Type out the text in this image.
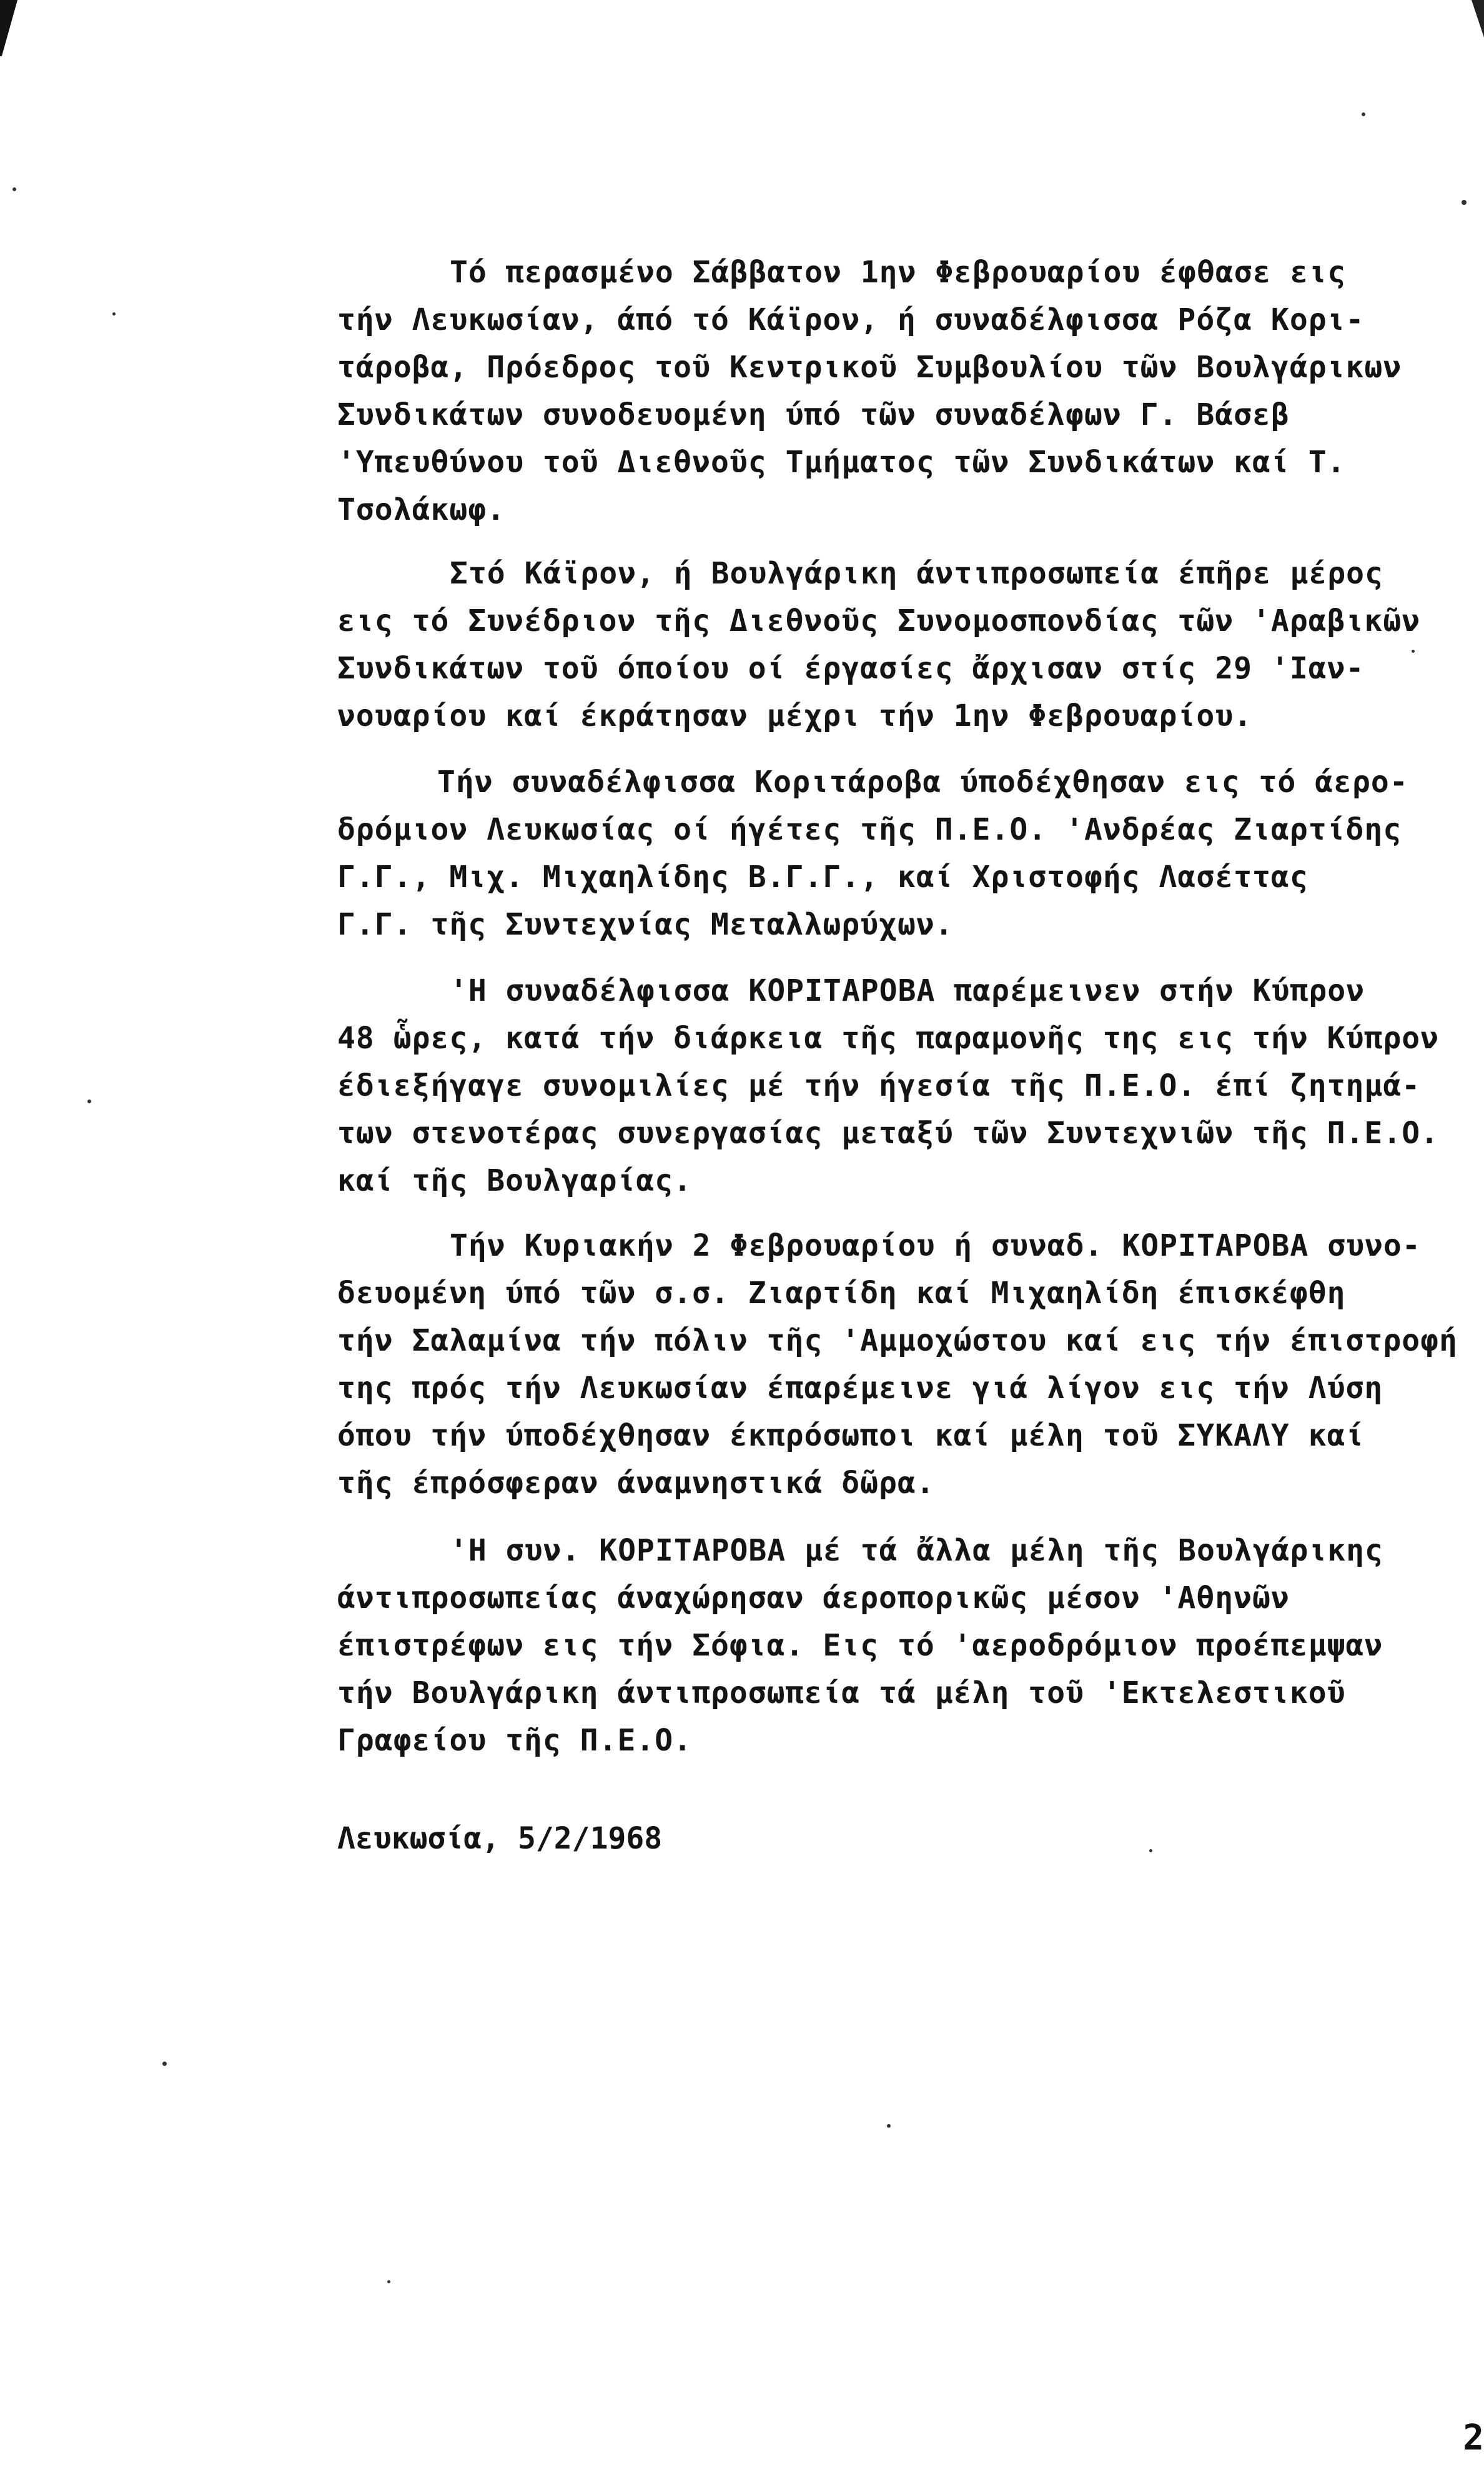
Τό περασμένο Σάββατον 1ην Φεβρουαρίου έφθασε εις

τήν Λευκωσίαν, άπό τό Κάϊρον, ή συναδέλφισσα Ρόζα Κορι-

τάροβα, Πρόεδρος τοῦ Κεντρικοῦ Συμβουλίου τῶν Βουλγάρικων

Συνδικάτων συνοδευομένη ύπό τῶν συναδέλφων Γ. Βάσεβ

'Υπευθύνου τοῦ Διεθνοῦς Τμήματος τῶν Συνδικάτων καί Τ.

Τσολάκωφ.

Στό Κάϊρον, ή Βουλγάρικη άντιπροσωπεία έπῆρε μέρος

εις τό Συνέδριον τῆς Διεθνοῦς Συνομοσπονδίας τῶν 'Αραβικῶν

Συνδικάτων τοῦ όποίου οί έργασίες ἄρχισαν στίς 29 'Ιαν-

νουαρίου καί έκράτησαν μέχρι τήν 1ην Φεβρουαρίου.

Τήν συναδέλφισσα Κοριτάροβα ύποδέχθησαν εις τό άερο-

δρόμιον Λευκωσίας οί ήγέτες τῆς Π.Ε.Ο. 'Ανδρέας Ζιαρτίδης

Γ.Γ., Μιχ. Μιχαηλίδης Β.Γ.Γ., καί Χριστοφής Λασέττας

Γ.Γ. τῆς Συντεχνίας Μεταλλωρύχων.

'Η συναδέλφισσα ΚΟΡΙΤΑΡΟΒΑ παρέμεινεν στήν Κύπρον

48 ὧρες, κατά τήν διάρκεια τῆς παραμονῆς της εις τήν Κύπρον

έδιεξήγαγε συνομιλίες μέ τήν ήγεσία τῆς Π.Ε.Ο. έπί ζητημά-

των στενοτέρας συνεργασίας μεταξύ τῶν Συντεχνιῶν τῆς Π.Ε.Ο.

καί τῆς Βουλγαρίας.

Τήν Κυριακήν 2 Φεβρουαρίου ή συναδ. ΚΟΡΙΤΑΡΟΒΑ συνο-

δευομένη ύπό τῶν σ.σ. Ζιαρτίδη καί Μιχαηλίδη έπισκέφθη

τήν Σαλαμίνα τήν πόλιν τῆς 'Αμμοχώστου καί εις τήν έπιστροφή

της πρός τήν Λευκωσίαν έπαρέμεινε γιά λίγον εις τήν Λύση

όπου τήν ύποδέχθησαν έκπρόσωποι καί μέλη τοῦ ΣΥΚΑΛΥ καί

τῆς έπρόσφεραν άναμνηστικά δῶρα.

'Η συν. ΚΟΡΙΤΑΡΟΒΑ μέ τά ἄλλα μέλη τῆς Βουλγάρικης

άντιπροσωπείας άναχώρησαν άεροπορικῶς μέσον 'Αθηνῶν

έπιστρέφων εις τήν Σόφια. Εις τό 'αεροδρόμιον προέπεμψαν

τήν Βουλγάρικη άντιπροσωπεία τά μέλη τοῦ 'Εκτελεστικοῦ

Γραφείου τῆς Π.Ε.Ο.

Λευκωσία, 5/2/1968

2
